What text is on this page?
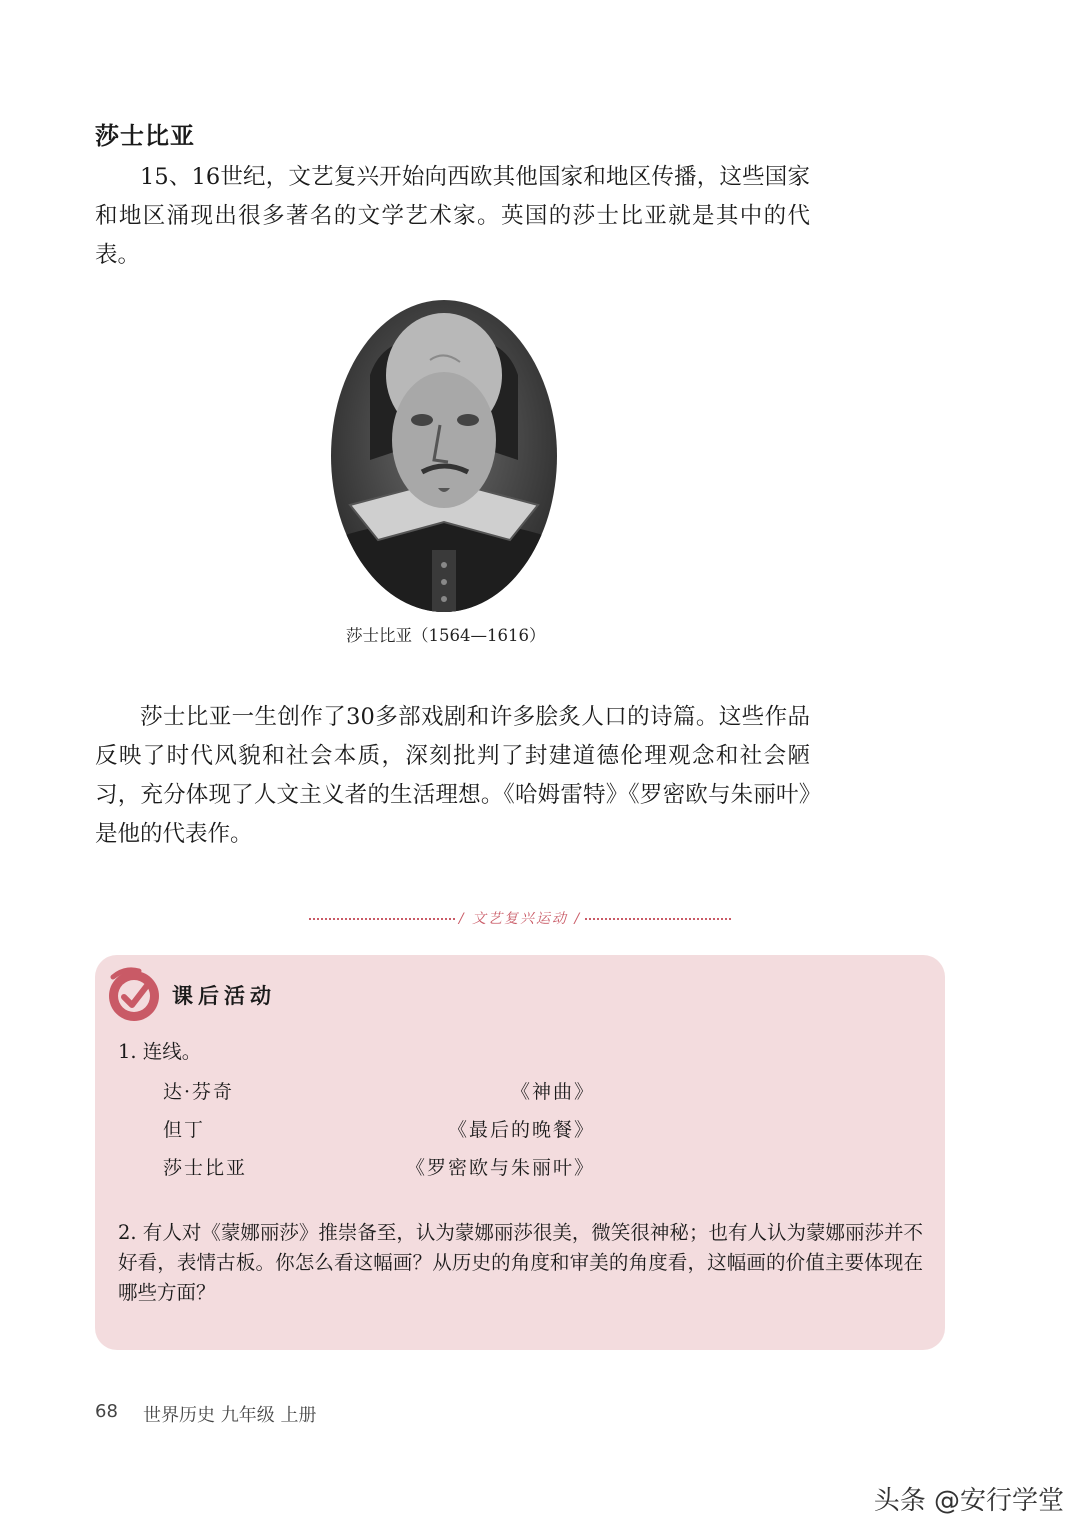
莎士比亚

15、16世纪，文艺复兴开始向西欧其他国家和地区传播，这些国家和地区涌现出很多著名的文学艺术家。英国的莎士比亚就是其中的代表。

莎士比亚（1564—1616）

莎士比亚一生创作了30多部戏剧和许多脍炙人口的诗篇。这些作品反映了时代风貌和社会本质，深刻批判了封建道德伦理观念和社会陋习，充分体现了人文主义者的生活理想。《哈姆雷特》《罗密欧与朱丽叶》是他的代表作。

/ 文艺复兴运动 /
课后活动
1. 连线。
达·芬奇	《神曲》
但丁	《最后的晚餐》
莎士比亚	《罗密欧与朱丽叶》

2. 有人对《蒙娜丽莎》推崇备至，认为蒙娜丽莎很美，微笑很神秘；也有人认为蒙娜丽莎并不好看，表情古板。你怎么看这幅画？从历史的角度和审美的角度看，这幅画的价值主要体现在哪些方面？

68 世界历史 九年级 上册
头条 @安行学堂
